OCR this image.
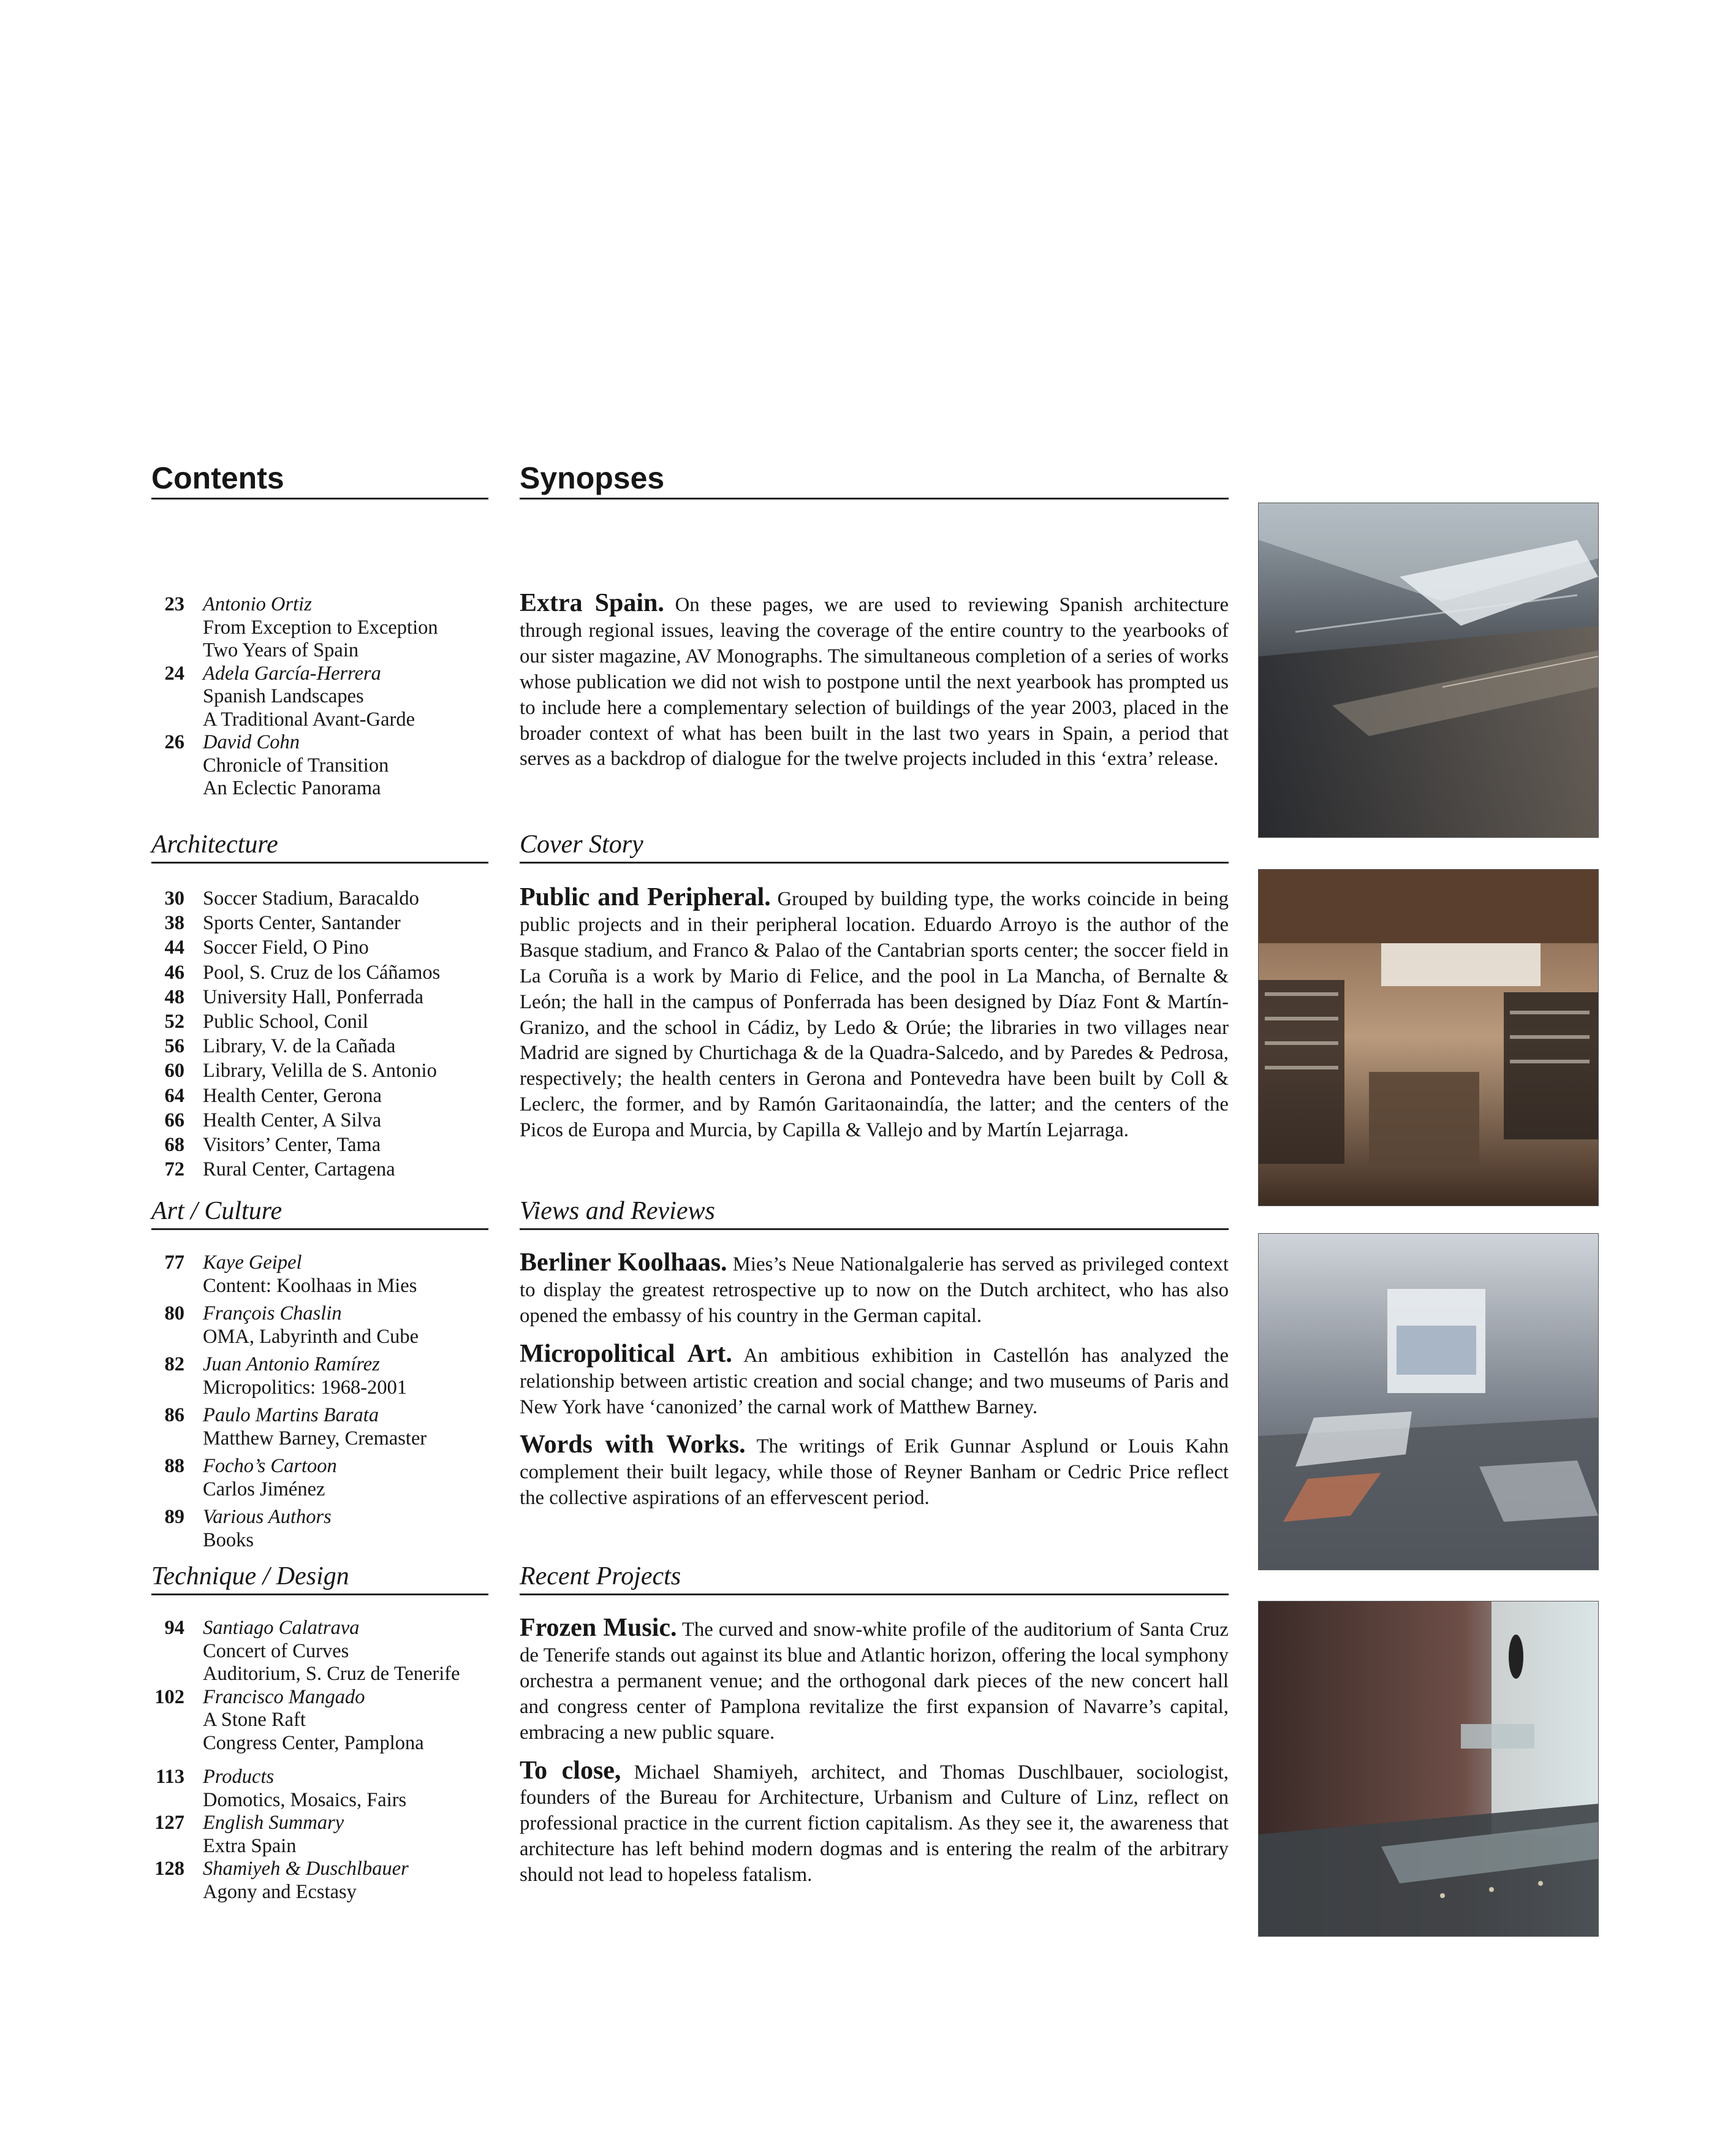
Contents
23 Antonio Ortiz
From Exception to Exception
Two Years of Spain
24 Adela García-Herrera
Spanish Landscapes
A Traditional Avant-Garde
26 David Cohn
Chronicle of Transition
An Eclectic Panorama
Architecture
30 Soccer Stadium, Baracaldo
38 Sports Center, Santander
44 Soccer Field, O Pino
46 Pool, S. Cruz de los Cáñamos
48 University Hall, Ponferrada
52 Public School, Conil
56 Library, V. de la Cañada
60 Library, Velilla de S. Antonio
64 Health Center, Gerona
66 Health Center, A Silva
68 Visitors’ Center, Tama
72 Rural Center, Cartagena
Art / Culture
77 Kaye Geipel
Content: Koolhaas in Mies
80 François Chaslin
OMA, Labyrinth and Cube
82 Juan Antonio Ramírez
Micropolitics: 1968-2001
86 Paulo Martins Barata
Matthew Barney, Cremaster
88 Focho’s Cartoon
Carlos Jiménez
89 Various Authors
Books
Technique / Design
94 Santiago Calatrava
Concert of Curves
Auditorium, S. Cruz de Tenerife
102 Francisco Mangado
A Stone Raft
Congress Center, Pamplona
113 Products
Domotics, Mosaics, Fairs
127 English Summary
Extra Spain
128 Shamiyeh & Duschlbauer
Agony and Ecstasy
Synopses

Extra Spain. On these pages, we are used to reviewing Spanish architecture through regional issues, leaving the coverage of the entire country to the yearbooks of our sister magazine, AV Monographs. The simultaneous completion of a series of works whose publication we did not wish to postpone until the next yearbook has prompted us to include here a complementary selection of buildings of the year 2003, placed in the broader context of what has been built in the last two years in Spain, a period that serves as a backdrop of dialogue for the twelve projects included in this ‘extra’ release.

Cover Story

Public and Peripheral. Grouped by building type, the works coincide in being public projects and in their peripheral location. Eduardo Arroyo is the author of the Basque stadium, and Franco & Palao of the Cantabrian sports center; the soccer field in La Coruña is a work by Mario di Felice, and the pool in La Mancha, of Bernalte & León; the hall in the campus of Ponferrada has been designed by Díaz Font & Martín-Granizo, and the school in Cádiz, by Ledo & Orúe; the libraries in two villages near Madrid are signed by Churtichaga & de la Quadra-Salcedo, and by Paredes & Pedrosa, respectively; the health centers in Gerona and Pontevedra have been built by Coll & Leclerc, the former, and by Ramón Garitaonaindía, the latter; and the centers of the Picos de Europa and Murcia, by Capilla & Vallejo and by Martín Lejarraga.

Views and Reviews

Berliner Koolhaas. Mies’s Neue Nationalgalerie has served as privileged context to display the greatest retrospective up to now on the Dutch architect, who has also opened the embassy of his country in the German capital.

Micropolitical Art. An ambitious exhibition in Castellón has analyzed the relationship between artistic creation and social change; and two museums of Paris and New York have ‘canonized’ the carnal work of Matthew Barney.

Words with Works. The writings of Erik Gunnar Asplund or Louis Kahn complement their built legacy, while those of Reyner Banham or Cedric Price reflect the collective aspirations of an effervescent period.

Recent Projects

Frozen Music. The curved and snow-white profile of the auditorium of Santa Cruz de Tenerife stands out against its blue and Atlantic horizon, offering the local symphony orchestra a permanent venue; and the orthogonal dark pieces of the new concert hall and congress center of Pamplona revitalize the first expansion of Navarre’s capital, embracing a new public square.

To close, Michael Shamiyeh, architect, and Thomas Duschlbauer, sociologist, founders of the Bureau for Architecture, Urbanism and Culture of Linz, reflect on professional practice in the current fiction capitalism. As they see it, the awareness that architecture has left behind modern dogmas and is entering the realm of the arbitrary should not lead to hopeless fatalism.
